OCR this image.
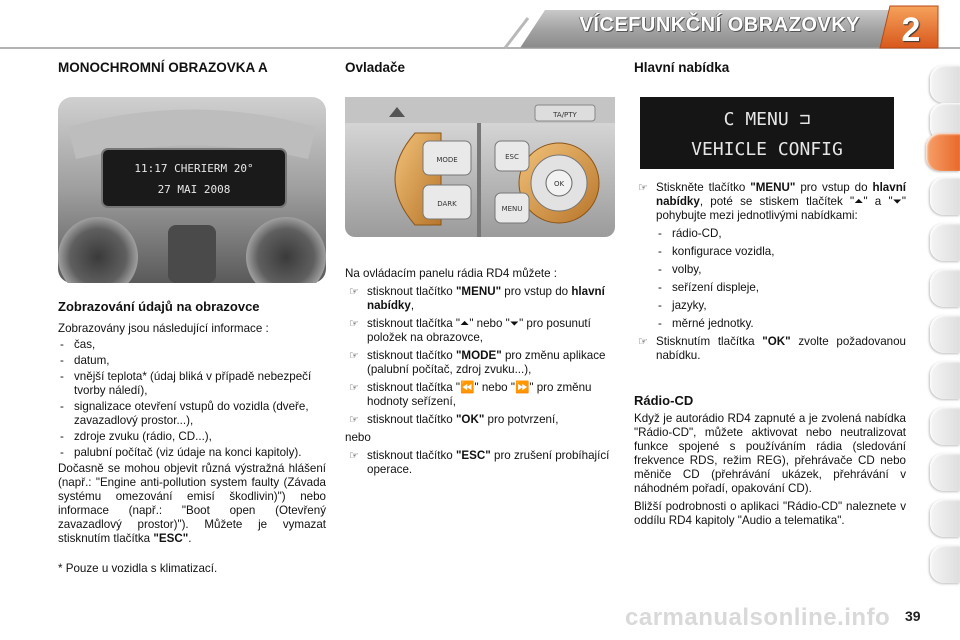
VÍCEFUNKČNÍ OBRAZOVKY	2
MONOCHROMNÍ OBRAZOVKA A
11:17 CHERIERM 20°
27 MAI 2008
Zobrazování údajů na obrazovce
Zobrazovány jsou následující informace :
- čas,
- datum,
- vnější teplota* (údaj bliká v případě nebezpečí tvorby náledí),
- signalizace otevření vstupů do vozidla (dveře, zavazadlový prostor...),
- zdroje zvuku (rádio, CD...),
- palubní počítač (viz údaje na konci kapitoly).
Dočasně se mohou objevit různá výstražná hlášení (např.: "Engine anti-pollution system faulty (Závada systému omezování emisí škodlivin)") nebo informace (např.: "Boot open (Otevřený zavazadlový prostor)"). Můžete je vymazat stisknutím tlačítka "ESC".
* Pouze u vozidla s klimatizací.
Ovladače
TA/PTY
MODE
DARK
OK
ESC
MENU
Na ovládacím panelu rádia RD4 můžete :
☞ stisknout tlačítko "MENU" pro vstup do hlavní nabídky,
☞ stisknout tlačítka "⏶" nebo "⏷" pro posunutí položek na obrazovce,
☞ stisknout tlačítko "MODE" pro změnu aplikace (palubní počítač, zdroj zvuku...),
☞ stisknout tlačítka "⏪" nebo "⏩" pro změnu hodnoty seřízení,
☞ stisknout tlačítko "OK" pro potvrzení,
nebo
☞ stisknout tlačítko "ESC" pro zrušení probíhající operace.
Hlavní nabídka
C MENU ⊐
VEHICLE CONFIG
☞ Stiskněte tlačítko "MENU" pro vstup do hlavní nabídky, poté se stiskem tlačítek "⏶" a "⏷" pohybujte mezi jednotlivými nabídkami:
- rádio-CD,
- konfigurace vozidla,
- volby,
- seřízení displeje,
- jazyky,
- měrné jednotky.
☞ Stisknutím tlačítka "OK" zvolte požadovanou nabídku.
Rádio-CD
Když je autorádio RD4 zapnuté a je zvolená nabídka "Rádio-CD", můžete aktivovat nebo neutralizovat funkce spojené s používáním rádia (sledování frekvence RDS, režim REG), přehrávače CD nebo měniče CD (přehrávání ukázek, přehrávání v náhodném pořadí, opakování CD).
Bližší podrobnosti o aplikaci "Rádio-CD" naleznete v oddílu RD4 kapitoly "Audio a telematika".
carmanualsonline.info 39
